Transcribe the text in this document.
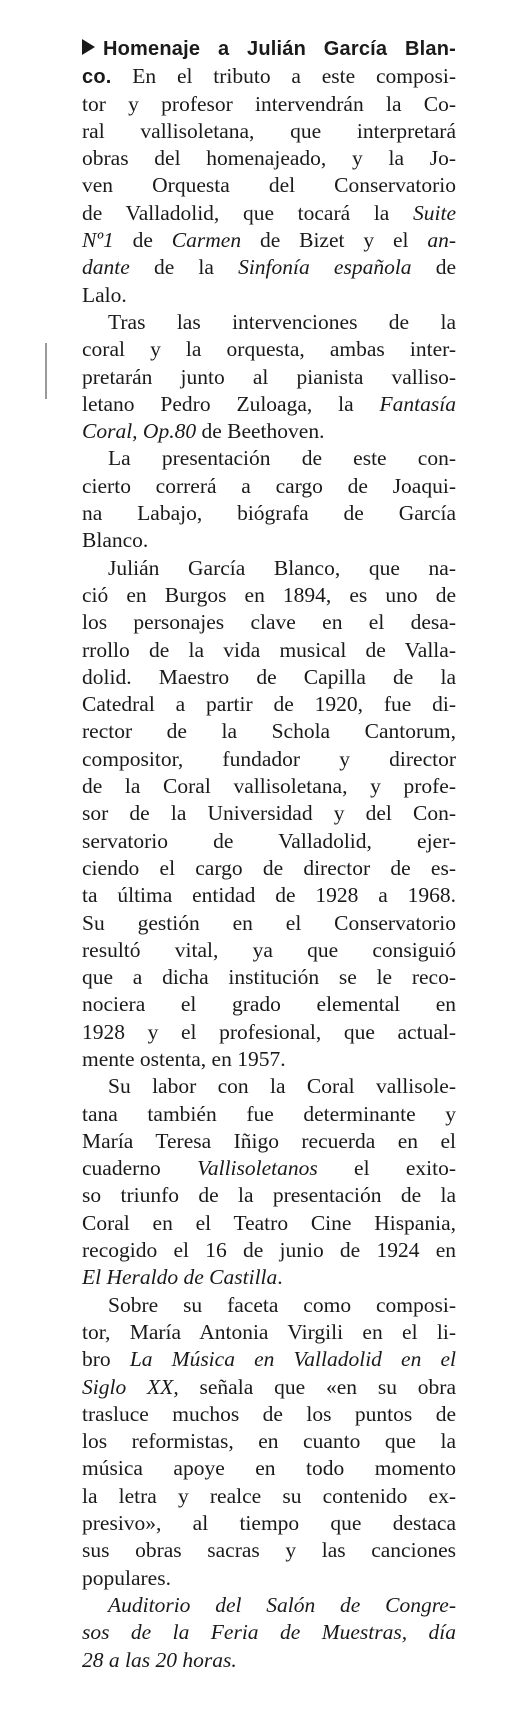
Homenaje a Julián García Blan-
co. En el tributo a este composi-
tor y profesor intervendrán la Co-
ral vallisoletana, que interpretará
obras del homenajeado, y la Jo-
ven Orquesta del Conservatorio
de Valladolid, que tocará la Suite
Nº1 de Carmen de Bizet y el an-
dante de la Sinfonía española de
Lalo.
Tras las intervenciones de la
coral y la orquesta, ambas inter-
pretarán junto al pianista valliso-
letano Pedro Zuloaga, la Fantasía
Coral, Op.80 de Beethoven.
La presentación de este con-
cierto correrá a cargo de Joaqui-
na Labajo, biógrafa de García
Blanco.
Julián García Blanco, que na-
ció en Burgos en 1894, es uno de
los personajes clave en el desa-
rrollo de la vida musical de Valla-
dolid. Maestro de Capilla de la
Catedral a partir de 1920, fue di-
rector de la Schola Cantorum,
compositor, fundador y director
de la Coral vallisoletana, y profe-
sor de la Universidad y del Con-
servatorio de Valladolid, ejer-
ciendo el cargo de director de es-
ta última entidad de 1928 a 1968.
Su gestión en el Conservatorio
resultó vital, ya que consiguió
que a dicha institución se le reco-
nociera el grado elemental en
1928 y el profesional, que actual-
mente ostenta, en 1957.
Su labor con la Coral vallisole-
tana también fue determinante y
María Teresa Iñigo recuerda en el
cuaderno Vallisoletanos el exito-
so triunfo de la presentación de la
Coral en el Teatro Cine Hispania,
recogido el 16 de junio de 1924 en
El Heraldo de Castilla.
Sobre su faceta como composi-
tor, María Antonia Virgili en el li-
bro La Música en Valladolid en el
Siglo XX, señala que «en su obra
trasluce muchos de los puntos de
los reformistas, en cuanto que la
música apoye en todo momento
la letra y realce su contenido ex-
presivo», al tiempo que destaca
sus obras sacras y las canciones
populares.
Auditorio del Salón de Congre-
sos de la Feria de Muestras, día
28 a las 20 horas.
